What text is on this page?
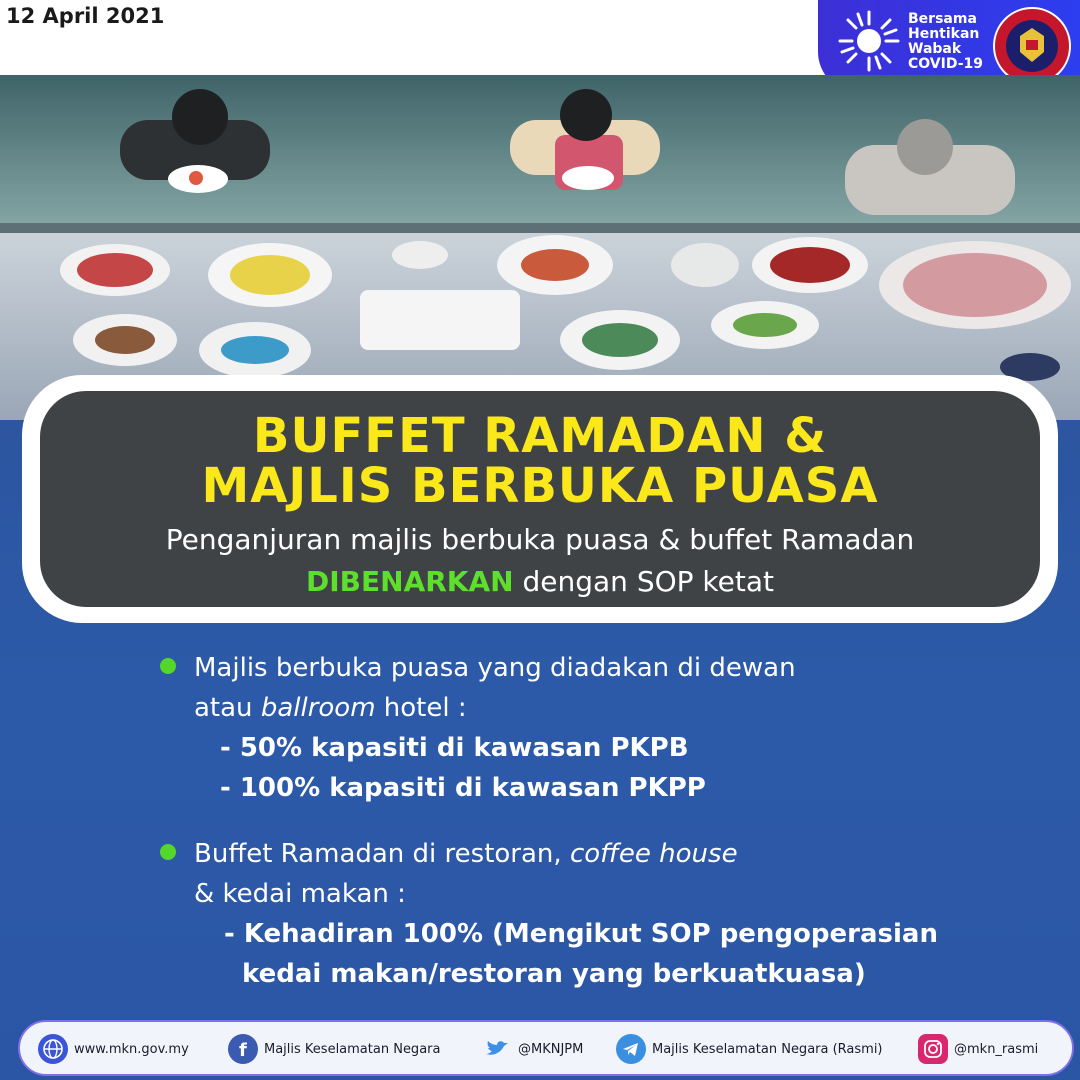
12 April 2021	Bersama
Hentikan
Wabak
COVID-19
BUFFET RAMADAN &
MAJLIS BERBUKA PUASA
Penganjuran majlis berbuka puasa & buffet Ramadan
DIBENARKAN dengan SOP ketat
Majlis berbuka puasa yang diadakan di dewan
atau ballroom hotel :
- 50% kapasiti di kawasan PKPB
- 100% kapasiti di kawasan PKPP
Buffet Ramadan di restoran, coffee house
& kedai makan :
- Kehadiran 100% (Mengikut SOP pengoperasian
kedai makan/restoran yang berkuatkuasa)
www.mkn.gov.my	f Majlis Keselamatan Negara	@MKNJPM	Majlis Keselamatan Negara (Rasmi)	@mkn_rasmi
